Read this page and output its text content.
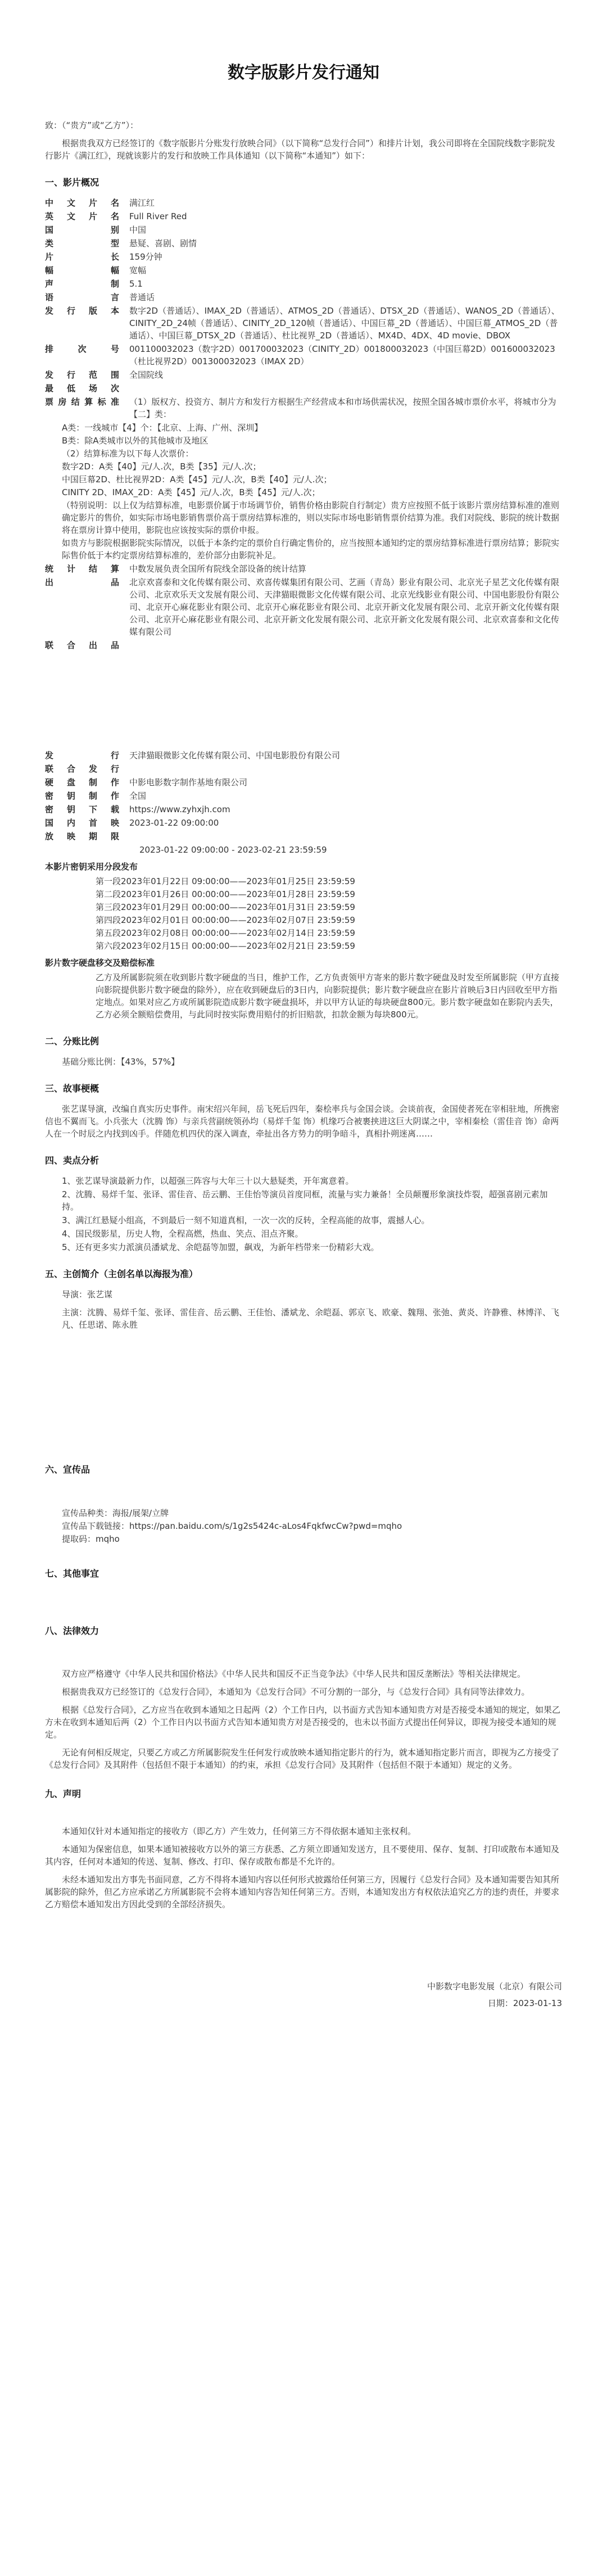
数字版影片发行通知
致：（“贵方”或“乙方”）：
根据贵我双方已经签订的《数字版影片分账发行放映合同》（以下简称“总发行合同”）和排片计划，我公司即将在全国院线数字影院发行影片《满江红》，现就该影片的发行和放映工作具体通知（以下简称“本通知”）如下：
一、影片概况
中 文 片 名	满江红
英 文 片 名	Full River Red
国 别	中国
类 型	悬疑、喜剧、剧情
片 长	159分钟
幅 幅	宽幅
声 制	5.1
语 言	普通话
发 行 版 本	数字2D（普通话）、IMAX_2D（普通话）、ATMOS_2D（普通话）、DTSX_2D（普通话）、WANOS_2D（普通话）、CINITY_2D_24帧（普通话）、CINITY_2D_120帧（普通话）、中国巨幕_2D（普通话）、中国巨幕_ATMOS_2D（普通话）、中国巨幕_DTSX_2D（普通话）、杜比视界_2D（普通话）、MX4D、4DX、4D movie、DBOX
排 次 号	001100032023（数字2D）001700032023（CINITY_2D）001800032023（中国巨幕2D）001600032023（杜比视界2D）001300032023（IMAX 2D）
发 行 范 围	全国院线
最 低 场 次
票房结算标准	（1）版权方、投资方、制片方和发行方根据生产经营成本和市场供需状况，按照全国各城市票价水平，将城市分为【二】类：
A类：一线城市【4】个：【北京、上海、广州、深圳】
B类：除A类城市以外的其他城市及地区
（2）结算标准为以下每人次票价：
数字2D：A类【40】元/人.次，B类【35】元/人.次；
中国巨幕2D、杜比视界2D：A类【45】元/人.次，B类【40】元/人.次；
CINITY 2D、IMAX_2D：A类【45】元/人.次，B类【45】元/人.次；
（特别说明：以上仅为结算标准，电影票价属于市场调节价，销售价格由影院自行制定）贵方应按照不低于该影片票房结算标准的准则确定影片的售价，如实际市场电影销售票价高于票房结算标准的，则以实际市场电影销售票价结算为准。我们对院线、影院的统计数据将在票房计算中使用，影院也应该按实际的票价申报。
如贵方与影院根据影院实际情况，以低于本条约定的票价自行确定售价的，应当按照本通知约定的票房结算标准进行票房结算；影院实际售价低于本约定票房结算标准的，差价部分由影院补足。
统 计 结 算	中数发展负责全国所有院线全部设备的统计结算
出 品	北京欢喜泰和文化传媒有限公司、欢喜传媒集团有限公司、艺画（青岛）影业有限公司、北京光子星艺文化传媒有限公司、北京欢乐天文发展有限公司、天津猫眼微影文化传媒有限公司、北京光线影业有限公司、中国电影股份有限公司、北京开心麻花影业有限公司、北京开心麻花影业有限公司、北京开新文化发展有限公司、北京开新文化传媒有限公司、北京开心麻花影业有限公司、北京开新文化发展有限公司、北京开新文化发展有限公司、北京欢喜泰和文化传媒有限公司
联 合 出 品
发 行	天津猫眼微影文化传媒有限公司、中国电影股份有限公司
联 合 发 行
硬 盘 制 作	中影电影数字制作基地有限公司
密 钥 制 作	全国
密 钥 下 载	https://www.zyhxjh.com
国 内 首 映	2023-01-22 09:00:00
放映期限
2023-01-22 09:00:00 - 2023-02-21 23:59:59
本影片密钥采用分段发布
第一段2023年01月22日 09:00:00——2023年01月25日 23:59:59
第二段2023年01月26日 00:00:00——2023年01月28日 23:59:59
第三段2023年01月29日 00:00:00——2023年01月31日 23:59:59
第四段2023年02月01日 00:00:00——2023年02月07日 23:59:59
第五段2023年02月08日 00:00:00——2023年02月14日 23:59:59
第六段2023年02月15日 00:00:00——2023年02月21日 23:59:59
影片数字硬盘移交及赔偿标准
乙方及所属影院须在收到影片数字硬盘的当日，维护工作，乙方负责领甲方寄来的影片数字硬盘及时发至所属影院（甲方直接向影院提供影片数字硬盘的除外），应在收到硬盘后的3日内，向影院提供；影片数字硬盘应在影片首映后3日内回收至甲方指定地点。如果对应乙方或所属影院造成影片数字硬盘损坏，并以甲方认证的每块硬盘800元。影片数字硬盘如在影院内丢失，乙方必须全额赔偿费用，与此同时按实际费用赔付的折旧赔款，扣款金额为每块800元。
二、分账比例
基础分账比例：【43%，57%】
三、故事梗概
张艺谋导演，改编自真实历史事件。南宋绍兴年间，岳飞死后四年，秦桧率兵与金国会谈。会谈前夜，金国使者死在宰相驻地，所携密信也不翼而飞。小兵张大（沈腾 饰）与亲兵营副统领孙均（易烊千玺 饰）机缘巧合被裹挟进这巨大阴谋之中，宰相秦桧（雷佳音 饰）命两人在一个时辰之内找到凶手。伴随危机四伏的深入调查，牵扯出各方势力的明争暗斗，真相扑朔迷离……
四、卖点分析
1、张艺谋导演最新力作，以超强三阵容与大年三十以大悬疑类，开年寓意着。
2、沈腾、易烊千玺、张译、雷佳音、岳云鹏、王佳怡等演员首度同框，流量与实力兼备！全员颠覆形象演技炸裂，超强喜剧元素加持。
3、满江红悬疑小组高，不到最后一刻不知道真相，一次一次的反转，全程高能的故事，震撼人心。
4、国民级影星，历史人物，全程高燃，热血、笑点、泪点齐聚。
5、还有更多实力派演员潘斌龙、余皑磊等加盟，飙戏，为新年档带来一份精彩大戏。
五、主创简介（主创名单以海报为准）
导演：张艺谋
主演：沈腾、易烊千玺、张译、雷佳音、岳云鹏、王佳怡、潘斌龙、余皑磊、郭京飞、欧豪、魏翔、张弛、黄炎、许静雅、林博洋、飞凡、任思诺、陈永胜
六、宣传品
宣传品种类：海报/展架/立牌
宣传品下载链接：https://pan.baidu.com/s/1g2s5424c-aLos4FqkfwcCw?pwd=mqho
提取码：mqho
七、其他事宜
八、法律效力
双方应严格遵守《中华人民共和国价格法》《中华人民共和国反不正当竞争法》《中华人民共和国反垄断法》等相关法律规定。
根据贵我双方已经签订的《总发行合同》，本通知为《总发行合同》不可分割的一部分，与《总发行合同》具有同等法律效力。
根据《总发行合同》，乙方应当在收到本通知之日起两（2）个工作日内，以书面方式告知本通知贵方对是否接受本通知的规定，如果乙方未在收到本通知后两（2）个工作日内以书面方式告知本通知贵方对是否接受的，也未以书面方式提出任何异议，即视为接受本通知的规定。
无论有何相反规定，只要乙方或乙方所属影院发生任何发行或放映本通知指定影片的行为，就本通知指定影片而言，即视为乙方接受了《总发行合同》及其附件（包括但不限于本通知）的约束，承担《总发行合同》及其附件（包括但不限于本通知）规定的义务。
九、声明
本通知仅针对本通知指定的接收方（即乙方）产生效力，任何第三方不得依据本通知主张权利。
本通知为保密信息，如果本通知被接收方以外的第三方获悉、乙方须立即通知发送方，且不要使用、保存、复制、打印或散布本通知及其内容，任何对本通知的传送、复制、修改、打印、保存或散布都是不允许的。
未经本通知发出方事先书面同意，乙方不得将本通知内容以任何形式披露给任何第三方，因履行《总发行合同》及本通知需要告知其所属影院的除外，但乙方应承诺乙方所属影院不会将本通知内容告知任何第三方。否则，本通知发出方有权依法追究乙方的违约责任，并要求乙方赔偿本通知发出方因此受到的全部经济损失。
中影数字电影发展（北京）有限公司
日期：2023-01-13
